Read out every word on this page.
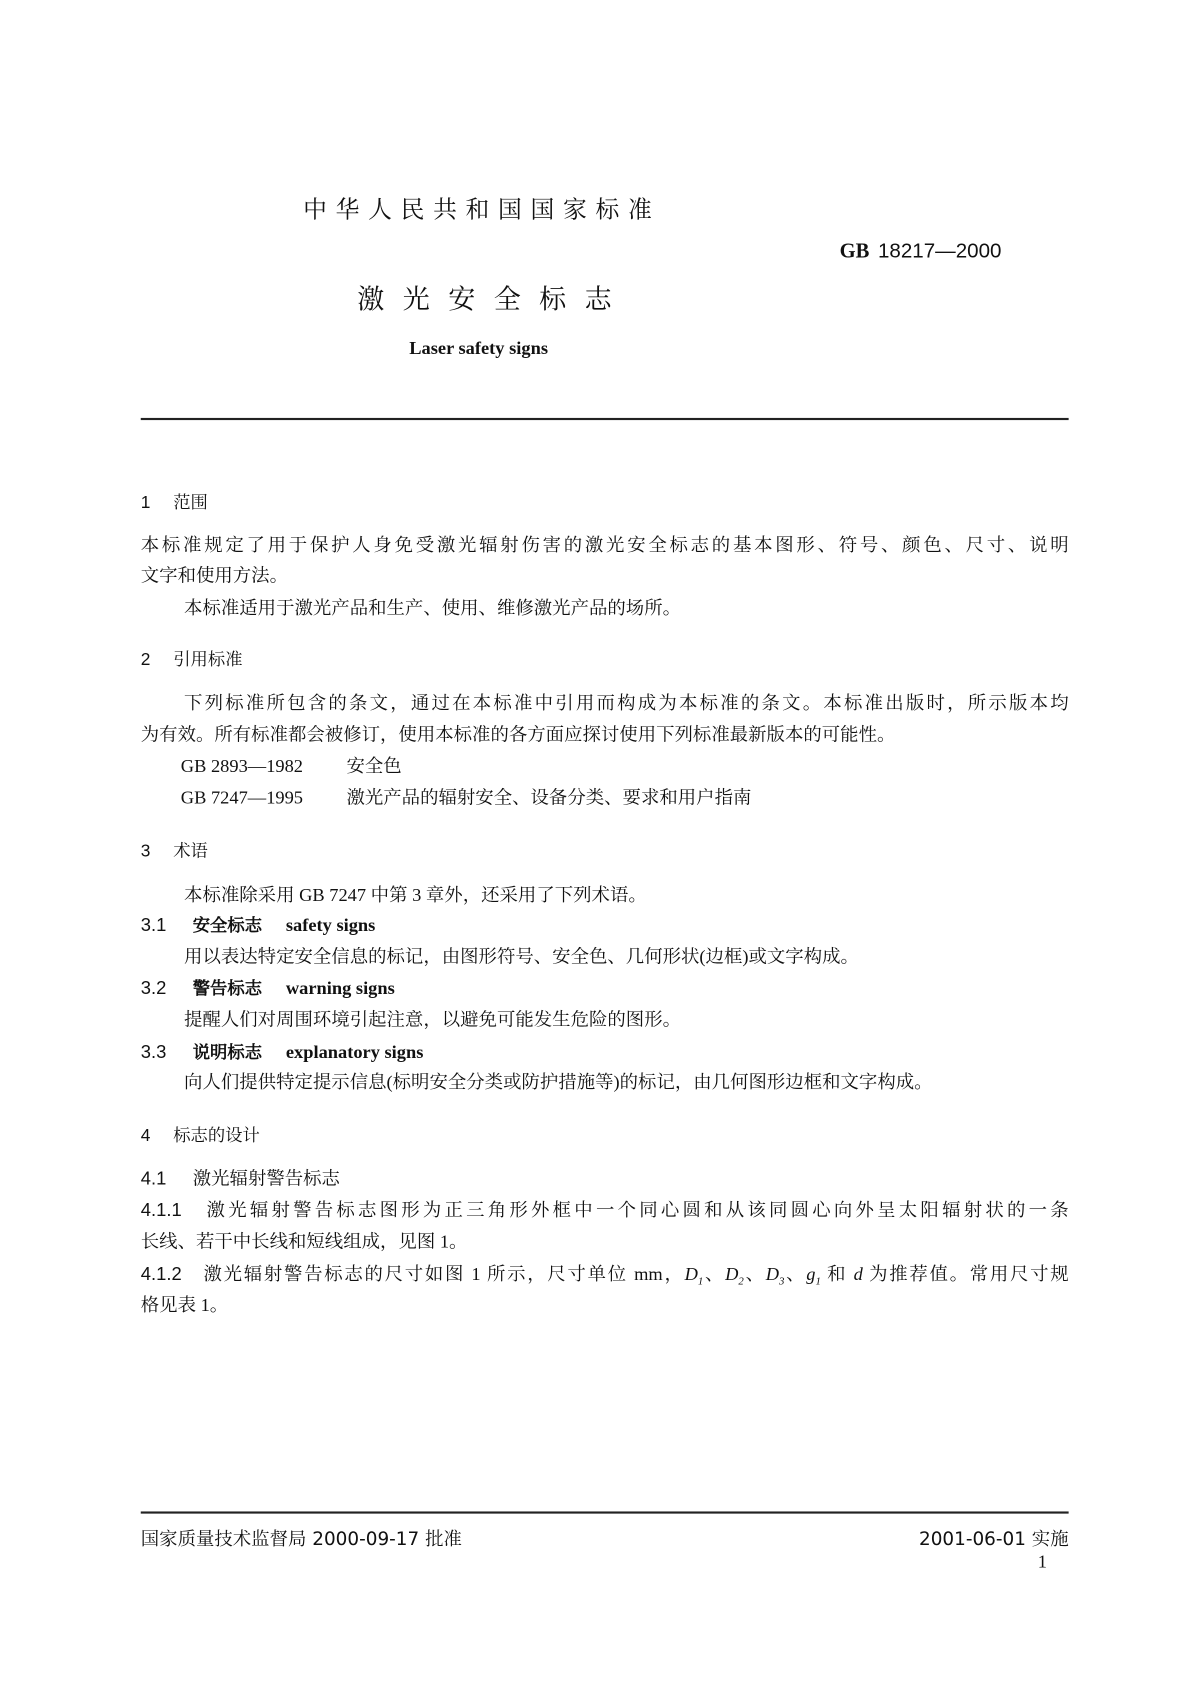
中华人民共和国国家标准
GB 18217—2000
激光安全标志
Laser safety signs
1 范围
本标准规定了用于保护人身免受激光辐射伤害的激光安全标志的基本图形、符号、颜色、尺寸、说明
文字和使用方法。
本标准适用于激光产品和生产、使用、维修激光产品的场所。
2 引用标准
下列标准所包含的条文，通过在本标准中引用而构成为本标准的条文。本标准出版时，所示版本均
为有效。所有标准都会被修订，使用本标准的各方面应探讨使用下列标准最新版本的可能性。
GB 2893—1982	安全色
GB 7247—1995	激光产品的辐射安全、设备分类、要求和用户指南
3 术语
本标准除采用 GB 7247 中第 3 章外，还采用了下列术语。
3.1 安全标志 safety signs
用以表达特定安全信息的标记，由图形符号、安全色、几何形状(边框)或文字构成。
3.2 警告标志 warning signs
提醒人们对周围环境引起注意，以避免可能发生危险的图形。
3.3 说明标志 explanatory signs
向人们提供特定提示信息(标明安全分类或防护措施等)的标记，由几何图形边框和文字构成。
4 标志的设计
4.1 激光辐射警告标志
4.1.1　 激光辐射警告标志图形为正三角形外框中一个同心圆和从该同圆心向外呈太阳辐射状的一条
长线、若干中长线和短线组成，见图 1。
4.1.2　 激光辐射警告标志的尺寸如图 1 所示，尺寸单位 mm，$D_1$、$D_2$、$D_3$、$g_1$ 和 d 为推荐值。常用尺寸规
格见表 1。
国家质量技术监督局 2000-09-17 批准	2001-06-01 实施
1
